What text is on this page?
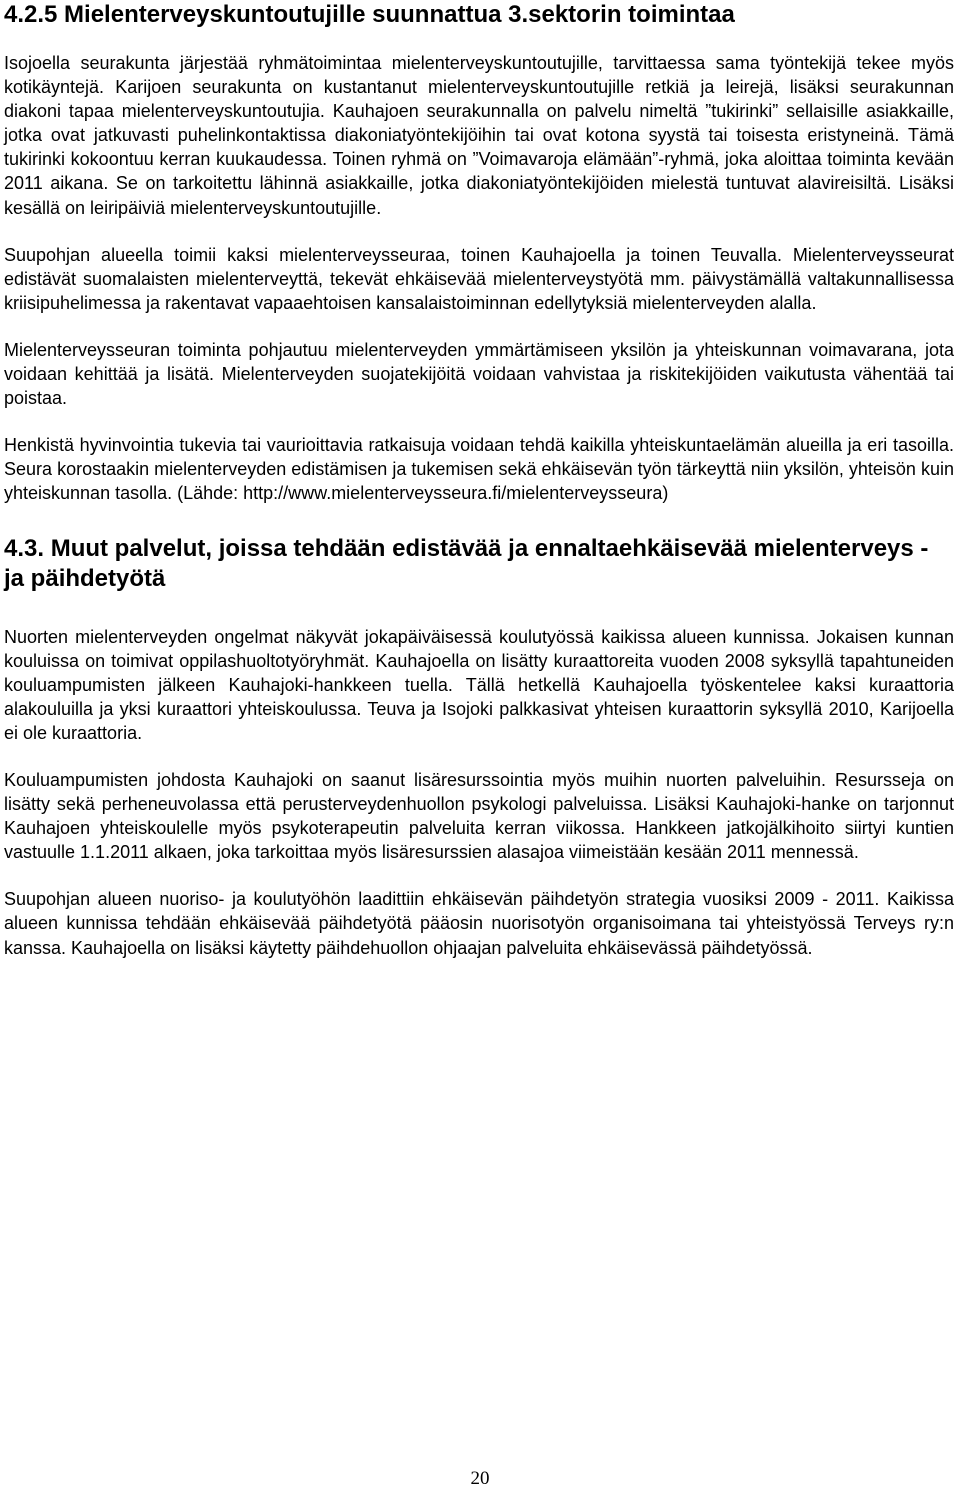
4.2.5 Mielenterveyskuntoutujille suunnattua 3.sektorin toimintaa

Isojoella seurakunta järjestää ryhmätoimintaa mielenterveyskuntoutujille, tarvittaessa sama työntekijä tekee myös kotikäyntejä. Karijoen seurakunta on kustantanut mielenterveyskuntoutujille retkiä ja leirejä, lisäksi seurakunnan diakoni tapaa mielenterveyskuntoutujia. Kauhajoen seurakunnalla on palvelu nimeltä ”tukirinki” sellaisille asiakkaille, jotka ovat jatkuvasti puhelinkontaktissa diakoniatyöntekijöihin tai ovat kotona syystä tai toisesta eristyneinä. Tämä tukirinki kokoontuu kerran kuukaudessa. Toinen ryhmä on ”Voimavaroja elämään”-ryhmä, joka aloittaa toiminta kevään 2011 aikana. Se on tarkoitettu lähinnä asiakkaille, jotka diakoniatyöntekijöiden mielestä tuntuvat alavireisiltä. Lisäksi kesällä on leiripäiviä mielenterveyskuntoutujille.

Suupohjan alueella toimii kaksi mielenterveysseuraa, toinen Kauhajoella ja toinen Teuvalla. Mielenterveysseurat edistävät suomalaisten mielenterveyttä, tekevät ehkäisevää mielenterveystyötä mm. päivystämällä valtakunnallisessa kriisipuhelimessa ja rakentavat vapaaehtoisen kansalaistoiminnan edellytyksiä mielenterveyden alalla.

Mielenterveysseuran toiminta pohjautuu mielenterveyden ymmärtämiseen yksilön ja yhteiskunnan voimavarana, jota voidaan kehittää ja lisätä. Mielenterveyden suojatekijöitä voidaan vahvistaa ja riskitekijöiden vaikutusta vähentää tai poistaa.

Henkistä hyvinvointia tukevia tai vaurioittavia ratkaisuja voidaan tehdä kaikilla yhteiskuntaelämän alueilla ja eri tasoilla. Seura korostaakin mielenterveyden edistämisen ja tukemisen sekä ehkäisevän työn tärkeyttä niin yksilön, yhteisön kuin yhteiskunnan tasolla. (Lähde: http://www.mielenterveysseura.fi/mielenterveysseura)

4.3. Muut palvelut, joissa tehdään edistävää ja ennaltaehkäisevää mielenterveys - ja päihdetyötä

Nuorten mielenterveyden ongelmat näkyvät jokapäiväisessä koulutyössä kaikissa alueen kunnissa. Jokaisen kunnan kouluissa on toimivat oppilashuoltotyöryhmät. Kauhajoella on lisätty kuraattoreita vuoden 2008 syksyllä tapahtuneiden kouluampumisten jälkeen Kauhajoki-hankkeen tuella. Tällä hetkellä Kauhajoella työskentelee kaksi kuraattoria alakouluilla ja yksi kuraattori yhteiskoulussa. Teuva ja Isojoki palkkasivat yhteisen kuraattorin syksyllä 2010, Karijoella ei ole kuraattoria.

Kouluampumisten johdosta Kauhajoki on saanut lisäresurssointia myös muihin nuorten palveluihin. Resursseja on lisätty sekä perheneuvolassa että perusterveydenhuollon psykologi palveluissa. Lisäksi Kauhajoki-hanke on tarjonnut Kauhajoen yhteiskoulelle myös psykoterapeutin palveluita kerran viikossa. Hankkeen jatkojälkihoito siirtyi kuntien vastuulle 1.1.2011 alkaen, joka tarkoittaa myös lisäresurssien alasajoa viimeistään kesään 2011 mennessä.

Suupohjan alueen nuoriso- ja koulutyöhön laadittiin ehkäisevän päihdetyön strategia vuosiksi 2009 - 2011. Kaikissa alueen kunnissa tehdään ehkäisevää päihdetyötä pääosin nuorisotyön organisoimana tai yhteistyössä Terveys ry:n kanssa. Kauhajoella on lisäksi käytetty päihdehuollon ohjaajan palveluita ehkäisevässä päihdetyössä.

20
